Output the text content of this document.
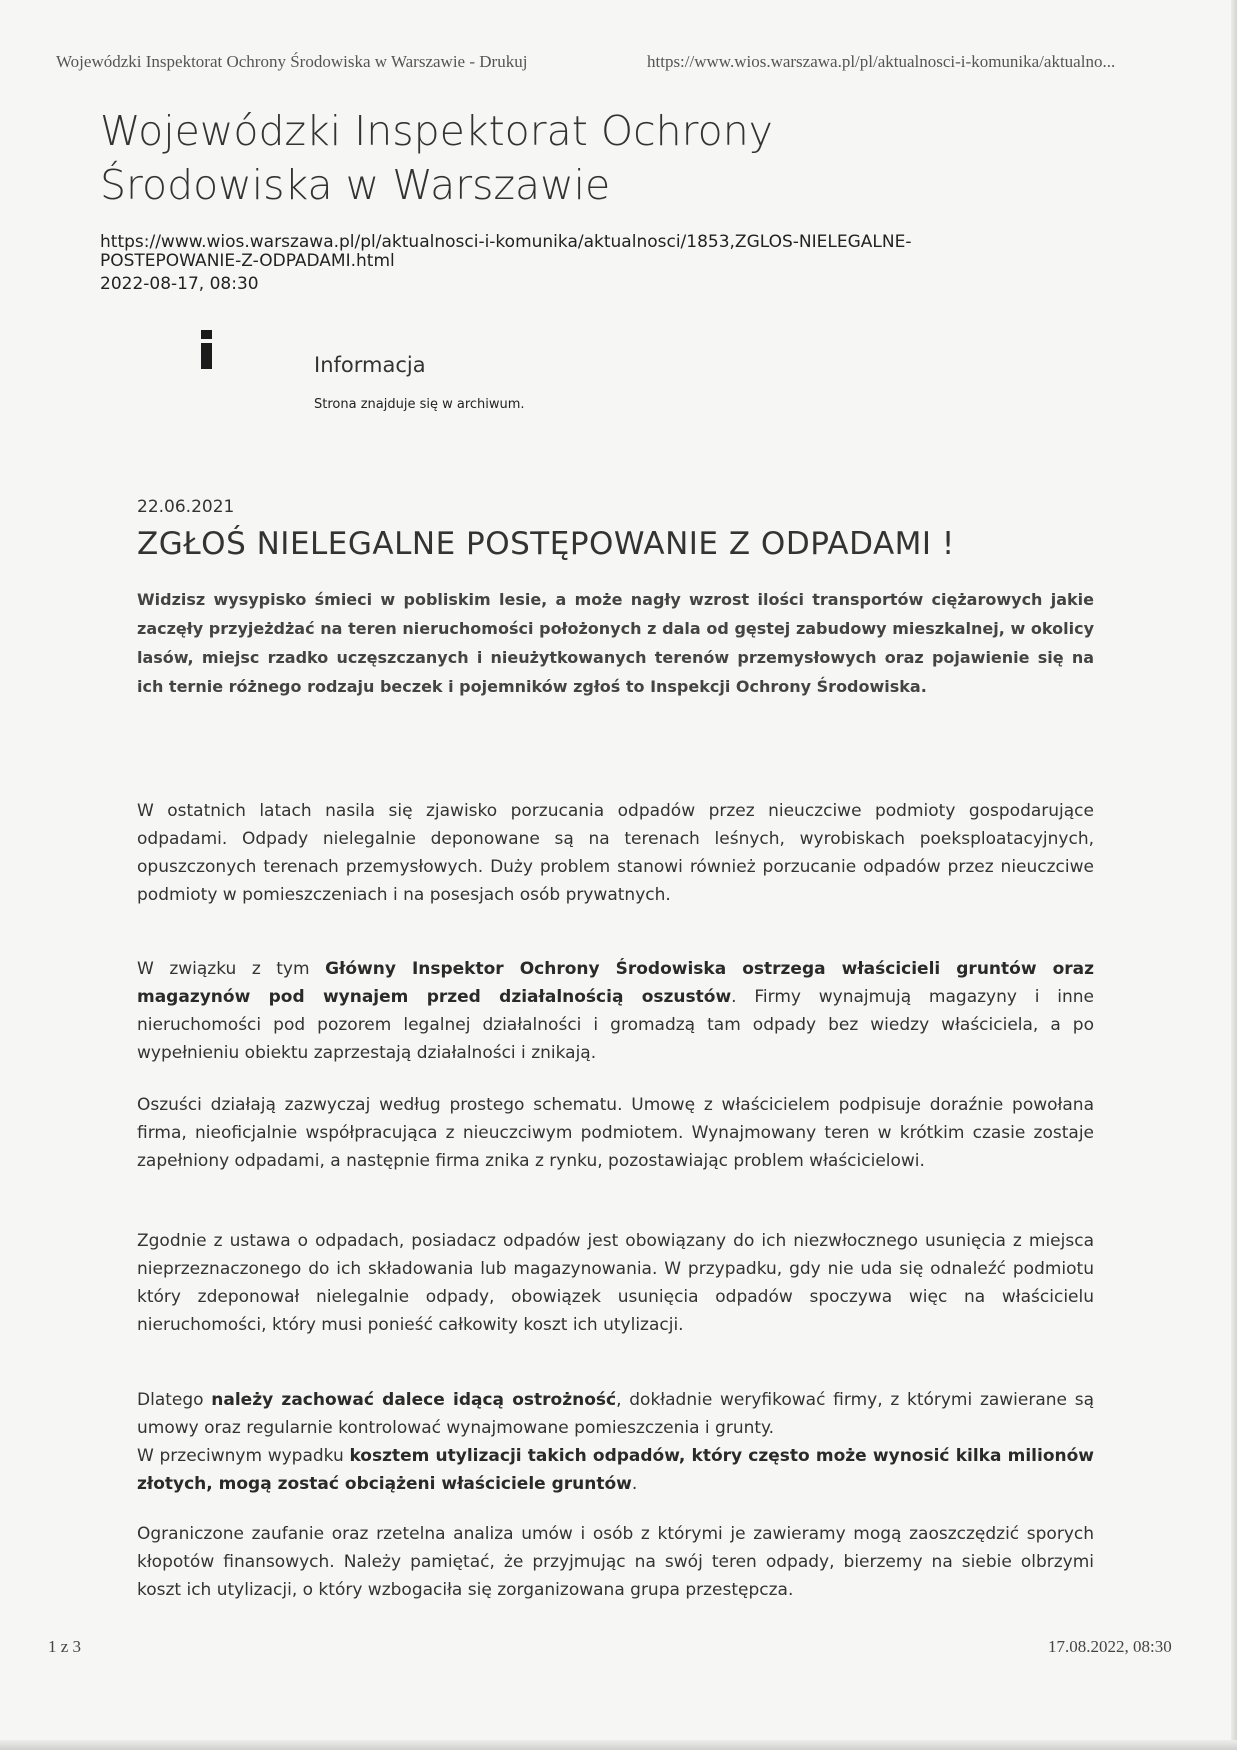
Wojewódzki Inspektorat Ochrony Środowiska w Warszawie - Drukuj	https://www.wios.warszawa.pl/pl/aktualnosci-i-komunika/aktualno...
Wojewódzki Inspektorat Ochrony
Środowiska w Warszawie
https://www.wios.warszawa.pl/pl/aktualnosci-i-komunika/aktualnosci/1853,ZGLOS-NIELEGALNE-
POSTEPOWANIE-Z-ODPADAMI.html
2022-08-17, 08:30
Informacja
Strona znajduje się w archiwum.
22.06.2021
ZGŁOŚ NIELEGALNE POSTĘPOWANIE Z ODPADAMI !
Widzisz wysypisko śmieci w pobliskim lesie, a może nagły wzrost ilości transportów ciężarowych jakie zaczęły przyjeżdżać na teren nieruchomości położonych z dala od gęstej zabudowy mieszkalnej, w okolicy lasów, miejsc rzadko uczęszczanych i nieużytkowanych terenów przemysłowych oraz pojawienie się na ich ternie różnego rodzaju beczek i pojemników zgłoś to Inspekcji Ochrony Środowiska.
W ostatnich latach nasila się zjawisko porzucania odpadów przez nieuczciwe podmioty gospodarujące odpadami. Odpady nielegalnie deponowane są na terenach leśnych, wyrobiskach poeksploatacyjnych, opuszczonych terenach przemysłowych. Duży problem stanowi również porzucanie odpadów przez nieuczciwe podmioty w pomieszczeniach i na posesjach osób prywatnych.
W związku z tym Główny Inspektor Ochrony Środowiska ostrzega właścicieli gruntów oraz magazynów pod wynajem przed działalnością oszustów. Firmy wynajmują magazyny i inne nieruchomości pod pozorem legalnej działalności i gromadzą tam odpady bez wiedzy właściciela, a po wypełnieniu obiektu zaprzestają działalności i znikają.
Oszuści działają zazwyczaj według prostego schematu. Umowę z właścicielem podpisuje doraźnie powołana firma, nieoficjalnie współpracująca z nieuczciwym podmiotem. Wynajmowany teren w krótkim czasie zostaje zapełniony odpadami, a następnie firma znika z rynku, pozostawiając problem właścicielowi.
Zgodnie z ustawa o odpadach, posiadacz odpadów jest obowiązany do ich niezwłocznego usunięcia z miejsca nieprzeznaczonego do ich składowania lub magazynowania. W przypadku, gdy nie uda się odnaleźć podmiotu który zdeponował nielegalnie odpady, obowiązek usunięcia odpadów spoczywa więc na właścicielu nieruchomości, który musi ponieść całkowity koszt ich utylizacji.
Dlatego należy zachować dalece idącą ostrożność, dokładnie weryfikować firmy, z którymi zawierane są umowy oraz regularnie kontrolować wynajmowane pomieszczenia i grunty.
W przeciwnym wypadku kosztem utylizacji takich odpadów, który często może wynosić kilka milionów złotych, mogą zostać obciążeni właściciele gruntów.
Ograniczone zaufanie oraz rzetelna analiza umów i osób z którymi je zawieramy mogą zaoszczędzić sporych kłopotów finansowych. Należy pamiętać, że przyjmując na swój teren odpady, bierzemy na siebie olbrzymi koszt ich utylizacji, o który wzbogaciła się zorganizowana grupa przestępcza.
1 z 3	17.08.2022, 08:30
